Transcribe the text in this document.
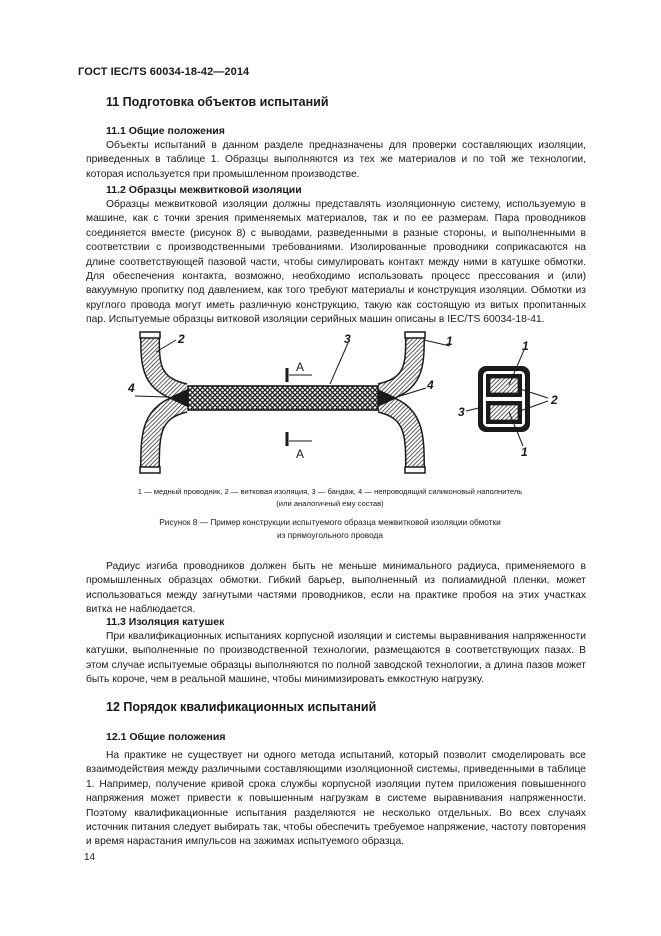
ГОСТ IEC/TS 60034-18-42—2014
11 Подготовка объектов испытаний
11.1 Общие положения

Объекты испытаний в данном разделе предназначены для проверки составляющих изоляции, приведенных в таблице 1. Образцы выполняются из тех же материалов и по той же технологии, которая используется при промышленном производстве.

11.2 Образцы межвитковой изоляции

Образцы межвитковой изоляции должны представлять изоляционную систему, используемую в машине, как с точки зрения применяемых материалов, так и по ее размерам. Пара проводников соединяется вместе (рисунок 8) с выводами, разведенными в разные стороны, и выполненными в соответствии с производственными требованиями. Изолированные проводники соприкасаются на длине соответствующей пазовой части, чтобы симулировать контакт между ними в катушке обмотки. Для обеспечения контакта, возможно, необходимо использовать процесс прессования и (или) вакуумную пропитку под давлением, как того требуют материалы и конструкция изоляции. Обмотки из круглого провода могут иметь различную конструкцию, такую как состоящую из витых пропитанных пар. Испытуемые образцы витковой изоляции серийных машин описаны в IEC/TS 60034-18-41.

A
A
2
4
3
4
1	1
1
2
3
1 — медный проводник, 2 — витковая изоляция, 3 — бандаж, 4 — непроводящий силиконовый наполнитель
(или аналогичный ему состав)
Рисунок 8 — Пример конструкции испытуемого образца межвитковой изоляции обмотки
из прямоугольного провода

Радиус изгиба проводников должен быть не меньше минимального радиуса, применяемого в промышленных образцах обмотки. Гибкий барьер, выполненный из полиамидной пленки, может использоваться между загнутыми частями проводников, если на практике пробоя на этих участках витка не наблюдается.

11.3 Изоляция катушек

При квалификационных испытаниях корпусной изоляции и системы выравнивания напряженности катушки, выполненные по производственной технологии, размещаются в соответствующих пазах. В этом случае испытуемые образцы выполняются по полной заводской технологии, а длина пазов может быть короче, чем в реальной машине, чтобы минимизировать емкостную нагрузку.

12 Порядок квалификационных испытаний
12.1 Общие положения

На практике не существует ни одного метода испытаний, который позволит смоделировать все взаимодействия между различными составляющими изоляционной системы, приведенными в таблице 1. Например, получение кривой срока службы корпусной изоляции путем приложения повышенного напряжения может привести к повышенным нагрузкам в системе выравнивания напряженности. Поэтому квалификационные испытания разделяются не несколько отдельных. Во всех случаях источник питания следует выбирать так, чтобы обеспечить требуемое напряжение, частоту повторения и время нарастания импульсов на зажимах испытуемого образца.

14
